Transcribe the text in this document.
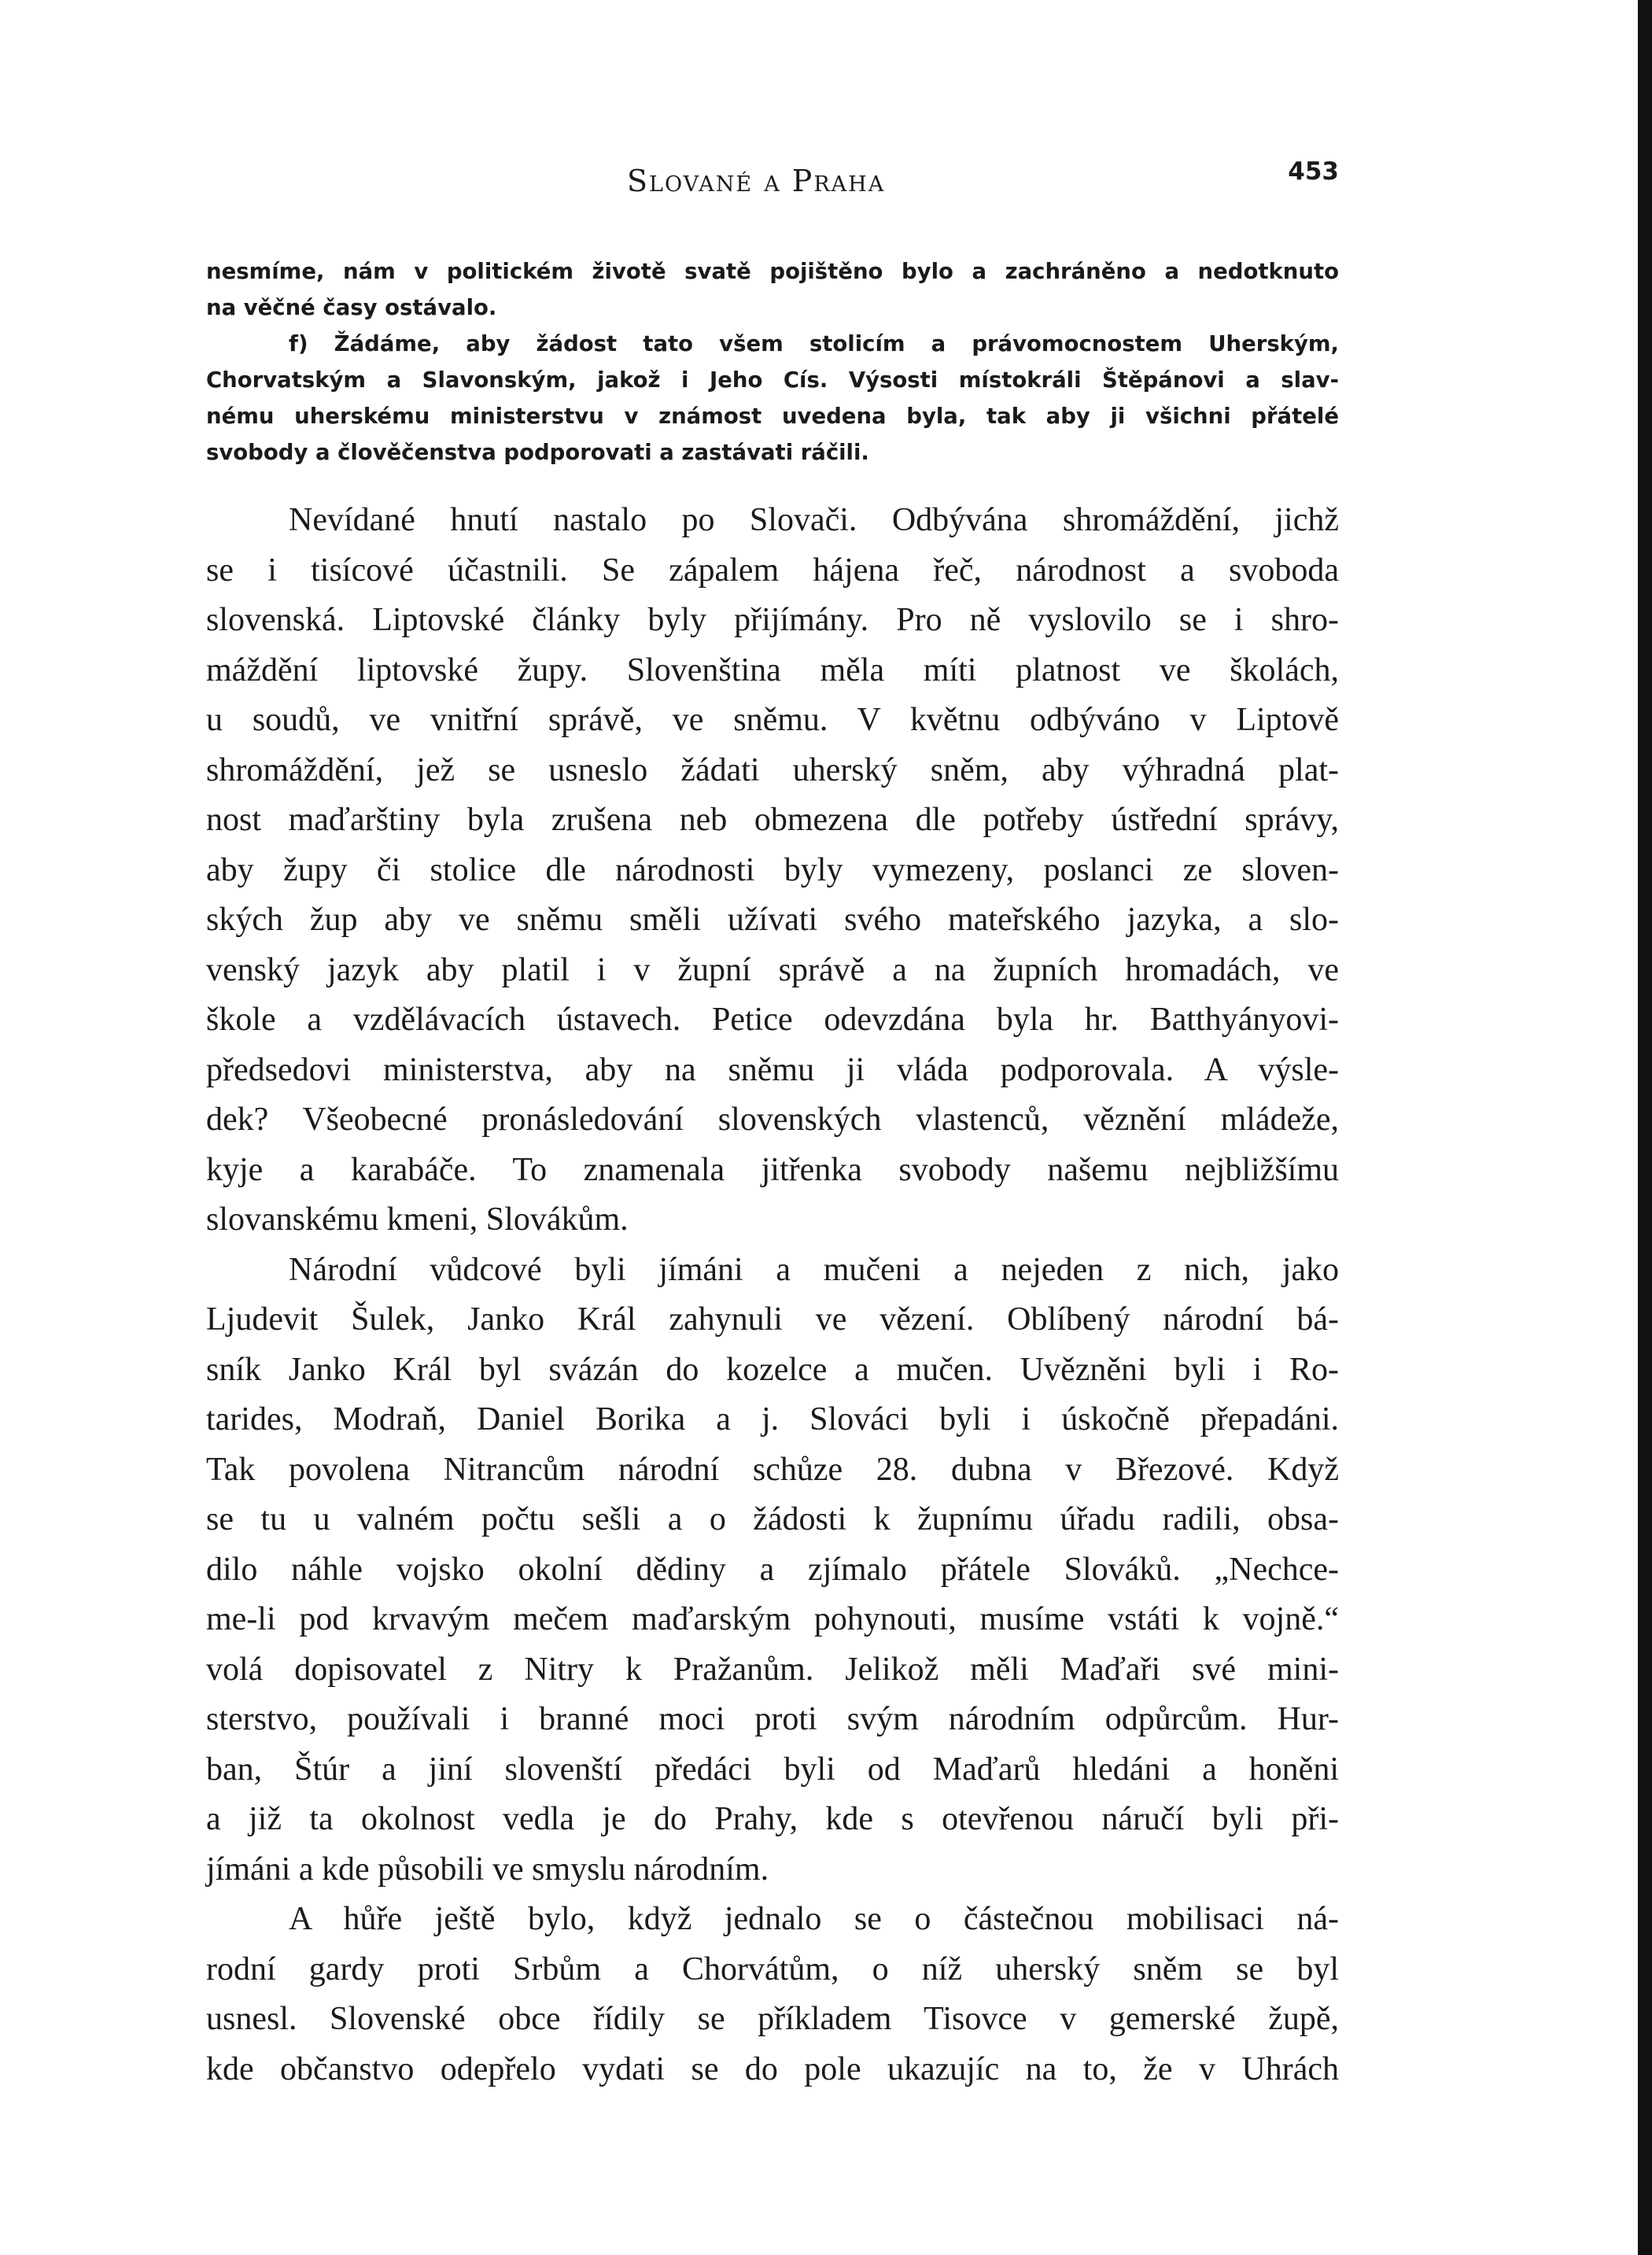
Slované a Praha	453
nesmíme, nám v politickém životě svatě pojištěno bylo a zachráněno a nedotknuto
na věčné časy ostávalo.
f) Žádáme, aby žádost tato všem stolicím a právomocnostem Uherským,
Chorvatským a Slavonským, jakož i Jeho Cís. Výsosti místokráli Štěpánovi a slav-
nému uherskému ministerstvu v známost uvedena byla, tak aby ji všichni přátelé
svobody a člověčenstva podporovati a zastávati ráčili.
Nevídané hnutí nastalo po Slovači. Odbývána shromáždění, jichž
se i tisícové účastnili. Se zápalem hájena řeč, národnost a svoboda
slovenská. Liptovské články byly přijímány. Pro ně vyslovilo se i shro-
máždění liptovské župy. Slovenština měla míti platnost ve školách,
u soudů, ve vnitřní správě, ve sněmu. V květnu odbýváno v Liptově
shromáždění, jež se usneslo žádati uherský sněm, aby výhradná plat-
nost maďarštiny byla zrušena neb obmezena dle potřeby ústřední správy,
aby župy či stolice dle národnosti byly vymezeny, poslanci ze sloven-
ských žup aby ve sněmu směli užívati svého mateřského jazyka, a slo-
venský jazyk aby platil i v župní správě a na župních hromadách, ve
škole a vzdělávacích ústavech. Petice odevzdána byla hr. Batthyányovi-
předsedovi ministerstva, aby na sněmu ji vláda podporovala. A výsle-
dek? Všeobecné pronásledování slovenských vlastenců, věznění mládeže,
kyje a karabáče. To znamenala jitřenka svobody našemu nejbližšímu
slovanskému kmeni, Slovákům.
Národní vůdcové byli jímáni a mučeni a nejeden z nich, jako
Ljudevit Šulek, Janko Král zahynuli ve vězení. Oblíbený národní bá-
sník Janko Král byl svázán do kozelce a mučen. Uvězněni byli i Ro-
tarides, Modraň, Daniel Borika a j. Slováci byli i úskočně přepadáni.
Tak povolena Nitrancům národní schůze 28. dubna v Březové. Když
se tu u valném počtu sešli a o žádosti k župnímu úřadu radili, obsa-
dilo náhle vojsko okolní dědiny a zjímalo přátele Slováků. „Nechce-
me-li pod krvavým mečem maďarským pohynouti, musíme vstáti k vojně.“
volá dopisovatel z Nitry k Pražanům. Jelikož měli Maďaři své mini-
sterstvo, používali i branné moci proti svým národním odpůrcům. Hur-
ban, Štúr a jiní slovenští předáci byli od Maďarů hledáni a honěni
a již ta okolnost vedla je do Prahy, kde s otevřenou náručí byli při-
jímáni a kde působili ve smyslu národním.
A hůře ještě bylo, když jednalo se o částečnou mobilisaci ná-
rodní gardy proti Srbům a Chorvátům, o níž uherský sněm se byl
usnesl. Slovenské obce řídily se příkladem Tisovce v gemerské župě,
kde občanstvo odepřelo vydati se do pole ukazujíc na to, že v Uhrách
